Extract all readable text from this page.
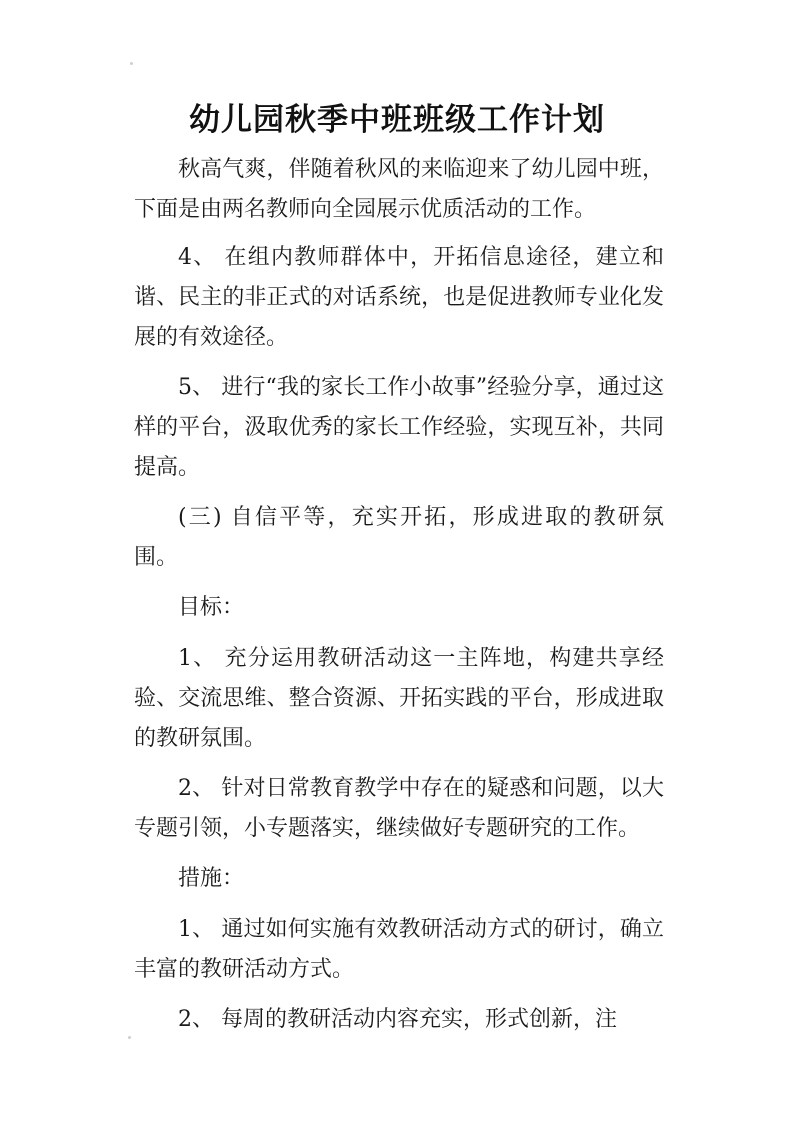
幼儿园秋季中班班级工作计划

秋高气爽，伴随着秋风的来临迎来了幼儿园中班，下面是由两名教师向全园展示优质活动的工作。

4、 在组内教师群体中，开拓信息途径，建立和谐、民主的非正式的对话系统，也是促进教师专业化发展的有效途径。

5、 进行“我的家长工作小故事”经验分享，通过这样的平台，汲取优秀的家长工作经验，实现互补，共同提高。

(三) 自信平等，充实开拓，形成进取的教研氛围。

目标：

1、 充分运用教研活动这一主阵地，构建共享经验、交流思维、整合资源、开拓实践的平台，形成进取的教研氛围。

2、 针对日常教育教学中存在的疑惑和问题，以大专题引领，小专题落实，继续做好专题研究的工作。

措施：

1、 通过如何实施有效教研活动方式的研讨，确立丰富的教研活动方式。

2、 每周的教研活动内容充实，形式创新，注
